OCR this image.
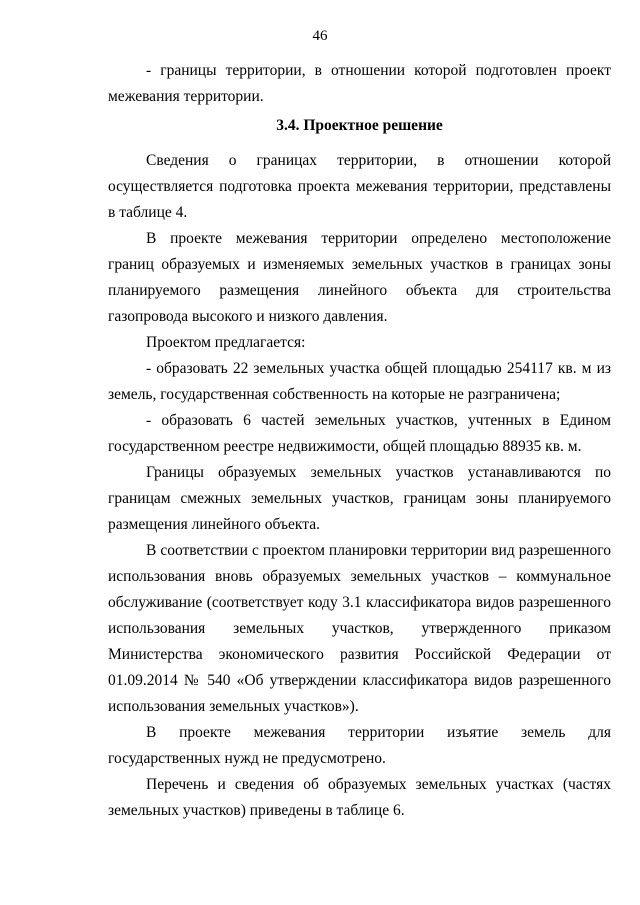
46

- границы территории, в отношении которой подготовлен проект межевания территории.

3.4. Проектное решение

Сведения о границах территории, в отношении которой осуществляется подготовка проекта межевания территории, представлены в таблице 4.

В проекте межевания территории определено местоположение границ образуемых и изменяемых земельных участков в границах зоны планируемого размещения линейного объекта для строительства газопровода высокого и низкого давления.

Проектом предлагается:

- образовать 22 земельных участка общей площадью 254117 кв. м из земель, государственная собственность на которые не разграничена;

- образовать 6 частей земельных участков, учтенных в Едином государственном реестре недвижимости, общей площадью 88935 кв. м.

Границы образуемых земельных участков устанавливаются по границам смежных земельных участков, границам зоны планируемого размещения линейного объекта.

В соответствии с проектом планировки территории вид разрешенного использования вновь образуемых земельных участков – коммунальное обслуживание (соответствует коду 3.1 классификатора видов разрешенного использования земельных участков, утвержденного приказом Министерства экономического развития Российской Федерации от 01.09.2014 № 540 «Об утверждении классификатора видов разрешенного использования земельных участков»).

В проекте межевания территории изъятие земель для государственных нужд не предусмотрено.

Перечень и сведения об образуемых земельных участках (частях земельных участков) приведены в таблице 6.
